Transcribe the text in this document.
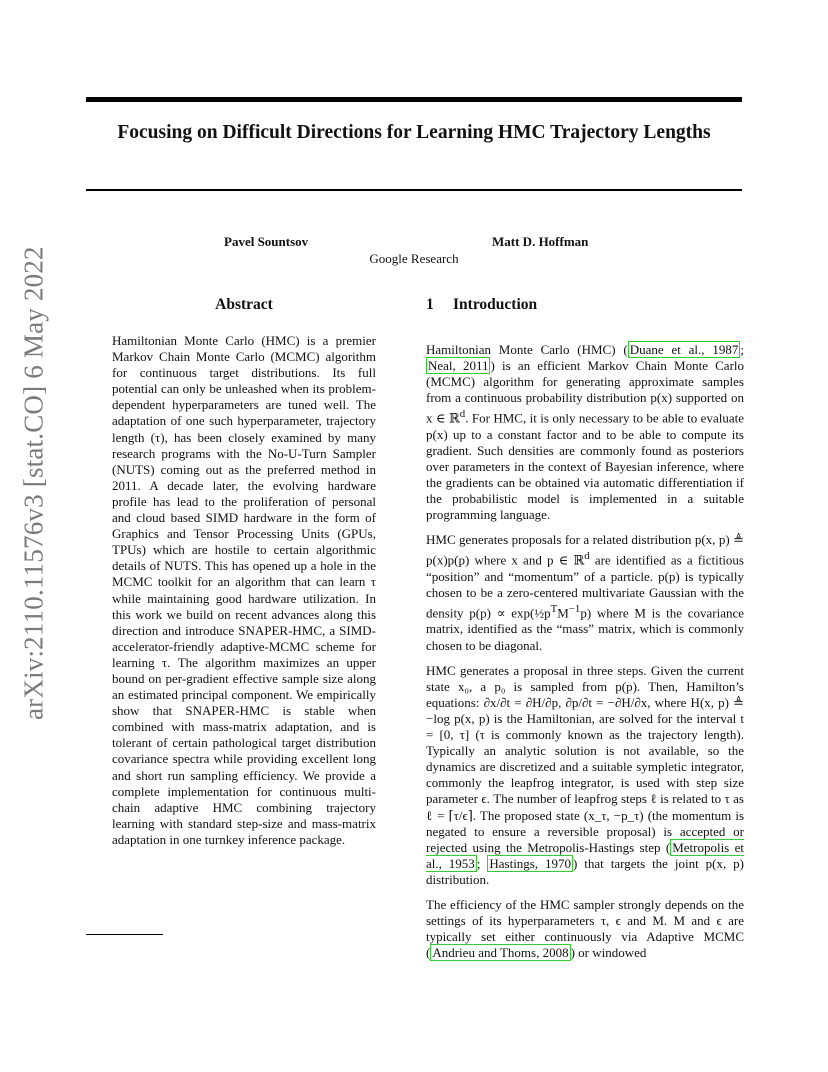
Focusing on Difficult Directions for Learning HMC Trajectory Lengths
Pavel Sountsov	Matt D. Hoffman
Google Research
arXiv:2110.11576v3 [stat.CO] 6 May 2022	Abstract

Hamiltonian Monte Carlo (HMC) is a premier Markov Chain Monte Carlo (MCMC) algorithm for continuous target distributions. Its full potential can only be unleashed when its problem-dependent hyperparameters are tuned well. The adaptation of one such hyperparameter, trajectory length (τ), has been closely examined by many research programs with the No-U-Turn Sampler (NUTS) coming out as the preferred method in 2011. A decade later, the evolving hardware profile has lead to the proliferation of personal and cloud based SIMD hardware in the form of Graphics and Tensor Processing Units (GPUs, TPUs) which are hostile to certain algorithmic details of NUTS. This has opened up a hole in the MCMC toolkit for an algorithm that can learn τ while maintaining good hardware utilization. In this work we build on recent advances along this direction and introduce SNAPER-HMC, a SIMD-accelerator-friendly adaptive-MCMC scheme for learning τ. The algorithm maximizes an upper bound on per-gradient effective sample size along an estimated principal component. We empirically show that SNAPER-HMC is stable when combined with mass-matrix adaptation, and is tolerant of certain pathological target distribution covariance spectra while providing excellent long and short run sampling efficiency. We provide a complete implementation for continuous multi-chain adaptive HMC combining trajectory learning with standard step-size and mass-matrix adaptation in one turnkey inference package.

1 Introduction

Hamiltonian Monte Carlo (HMC) ( Duane et al., 1987 ; Neal, 2011 ) is an efficient Markov Chain Monte Carlo (MCMC) algorithm for generating approximate samples from a continuous probability distribution p(x) supported on x ∈ ℝ$^d$. For HMC, it is only necessary to be able to evaluate p(x) up to a constant factor and to be able to compute its gradient. Such densities are commonly found as posteriors over parameters in the context of Bayesian inference, where the gradients can be obtained via automatic differentiation if the probabilistic model is implemented in a suitable programming language.

HMC generates proposals for a related distribution p(x, p) ≜ p(x)p(p) where x and p ∈ ℝ$^d$ are identified as a fictitious “position” and “momentum” of a particle. p(p) is typically chosen to be a zero-centered multivariate Gaussian with the density $p(p) \propto \exp(\frac{1}{2}p^TM^{-1}p)$ where M is the covariance matrix, identified as the “mass” matrix, which is commonly chosen to be diagonal.

HMC generates a proposal in three steps. Given the current state x₀, a p₀ is sampled from p(p). Then, Hamilton’s equations: ∂x/∂t = ∂H/∂p, ∂p/∂t = −∂H/∂x, where H(x, p) ≜ −log p(x, p) is the Hamiltonian, are solved for the interval t = [0, τ] (τ is commonly known as the trajectory length). Typically an analytic solution is not available, so the dynamics are discretized and a suitable sympletic integrator, commonly the leapfrog integrator, is used with step size parameter ϵ. The number of leapfrog steps ℓ is related to τ as ℓ = ⌈τ/ϵ⌉. The proposed state (x_τ, −p_τ) (the momentum is negated to ensure a reversible proposal) is accepted or rejected using the Metropolis-Hastings step ( Metropolis et al., 1953 ; Hastings, 1970 ) that targets the joint p(x, p) distribution.

The efficiency of the HMC sampler strongly depends on the settings of its hyperparameters τ, ϵ and M. M and ϵ are typically set either continuously via Adaptive MCMC ( Andrieu and Thoms, 2008 ) or windowed
